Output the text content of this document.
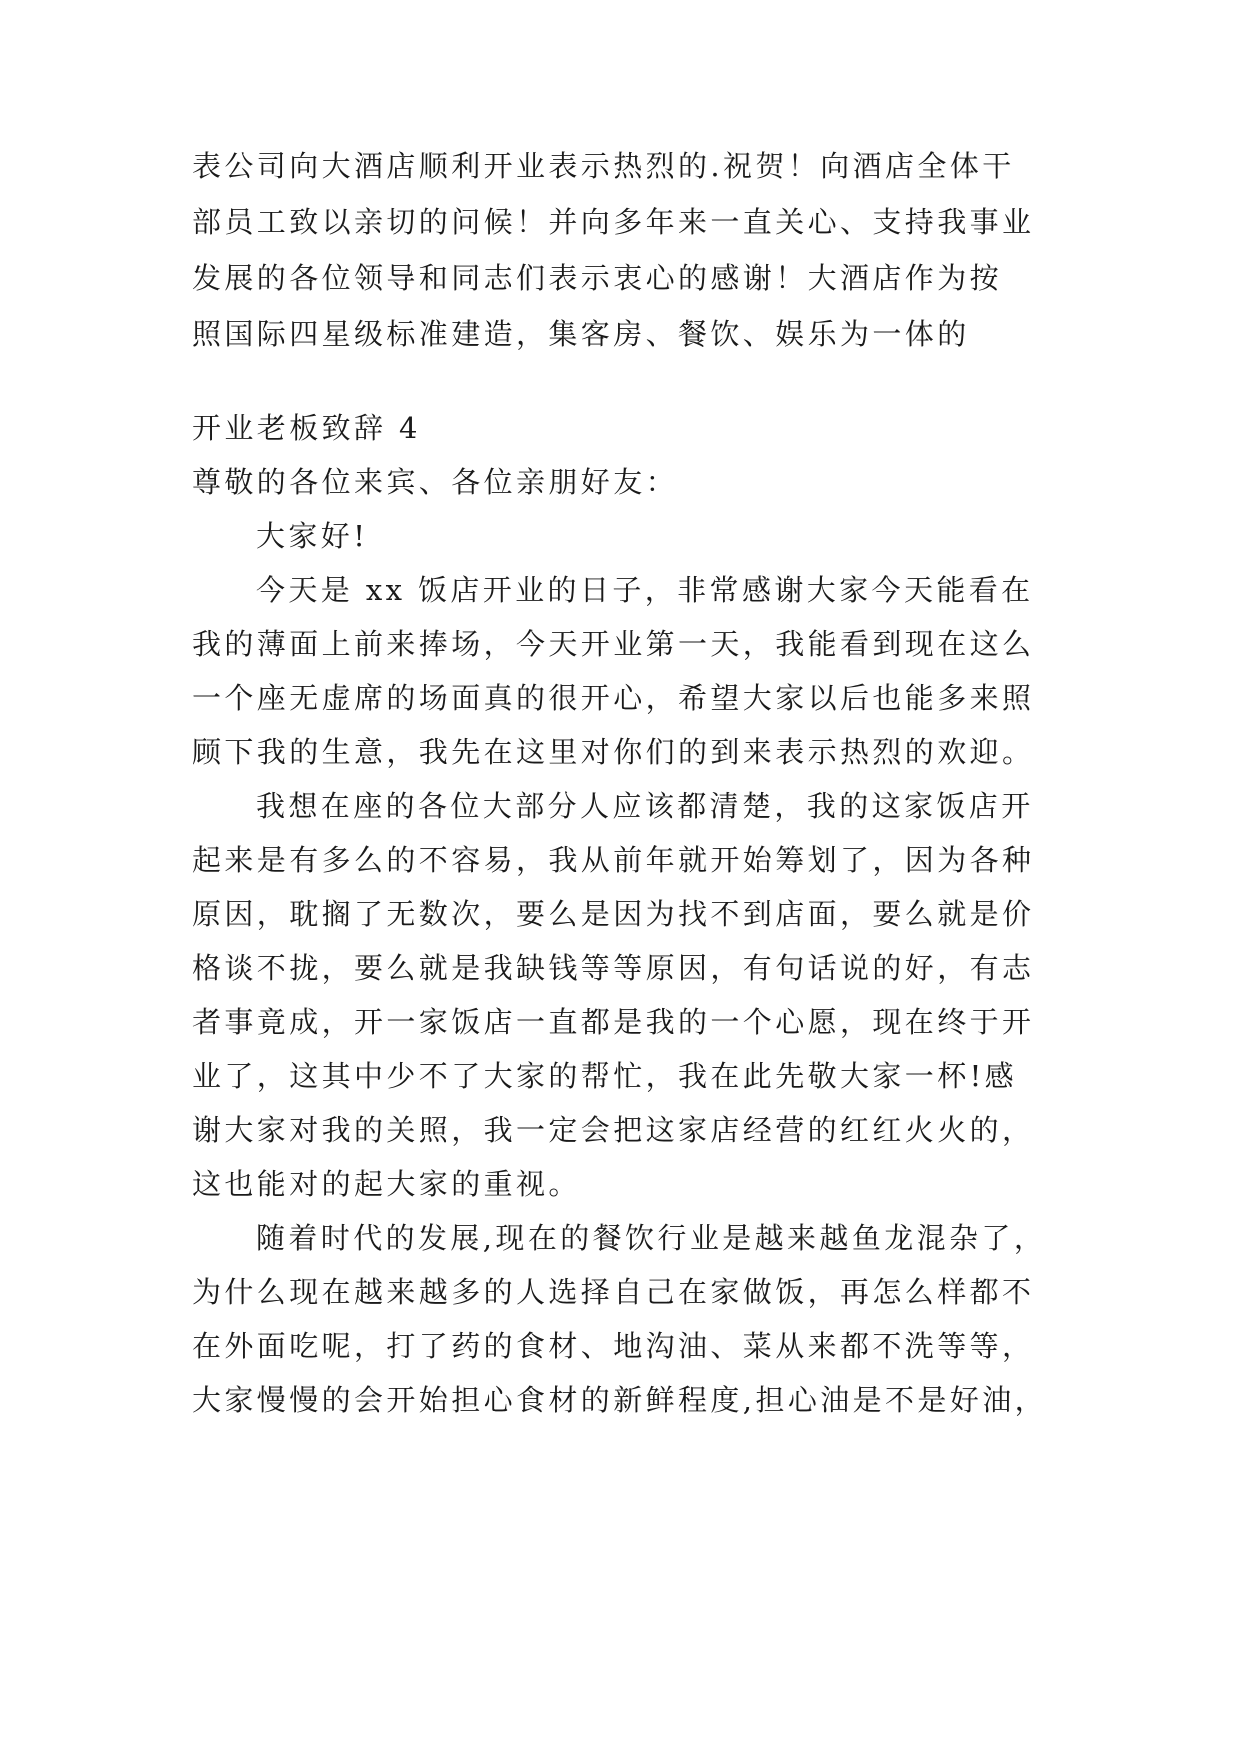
表公司向大酒店顺利开业表示热烈的.祝贺！向酒店全体干
部员工致以亲切的问候！并向多年来一直关心、支持我事业
发展的各位领导和同志们表示衷心的感谢！大酒店作为按
照国际四星级标准建造，集客房、餐饮、娱乐为一体的
开业老板致辞 4
尊敬的各位来宾、各位亲朋好友：
大家好!
今天是 xx 饭店开业的日子，非常感谢大家今天能看在
我的薄面上前来捧场，今天开业第一天，我能看到现在这么
一个座无虚席的场面真的很开心，希望大家以后也能多来照
顾下我的生意，我先在这里对你们的到来表示热烈的欢迎。
我想在座的各位大部分人应该都清楚，我的这家饭店开
起来是有多么的不容易，我从前年就开始筹划了，因为各种
原因，耽搁了无数次，要么是因为找不到店面，要么就是价
格谈不拢，要么就是我缺钱等等原因，有句话说的好，有志
者事竟成，开一家饭店一直都是我的一个心愿，现在终于开
业了，这其中少不了大家的帮忙，我在此先敬大家一杯!感
谢大家对我的关照，我一定会把这家店经营的红红火火的，
这也能对的起大家的重视。
随着时代的发展,现在的餐饮行业是越来越鱼龙混杂了，
为什么现在越来越多的人选择自己在家做饭，再怎么样都不
在外面吃呢，打了药的食材、地沟油、菜从来都不洗等等，
大家慢慢的会开始担心食材的新鲜程度,担心油是不是好油，
